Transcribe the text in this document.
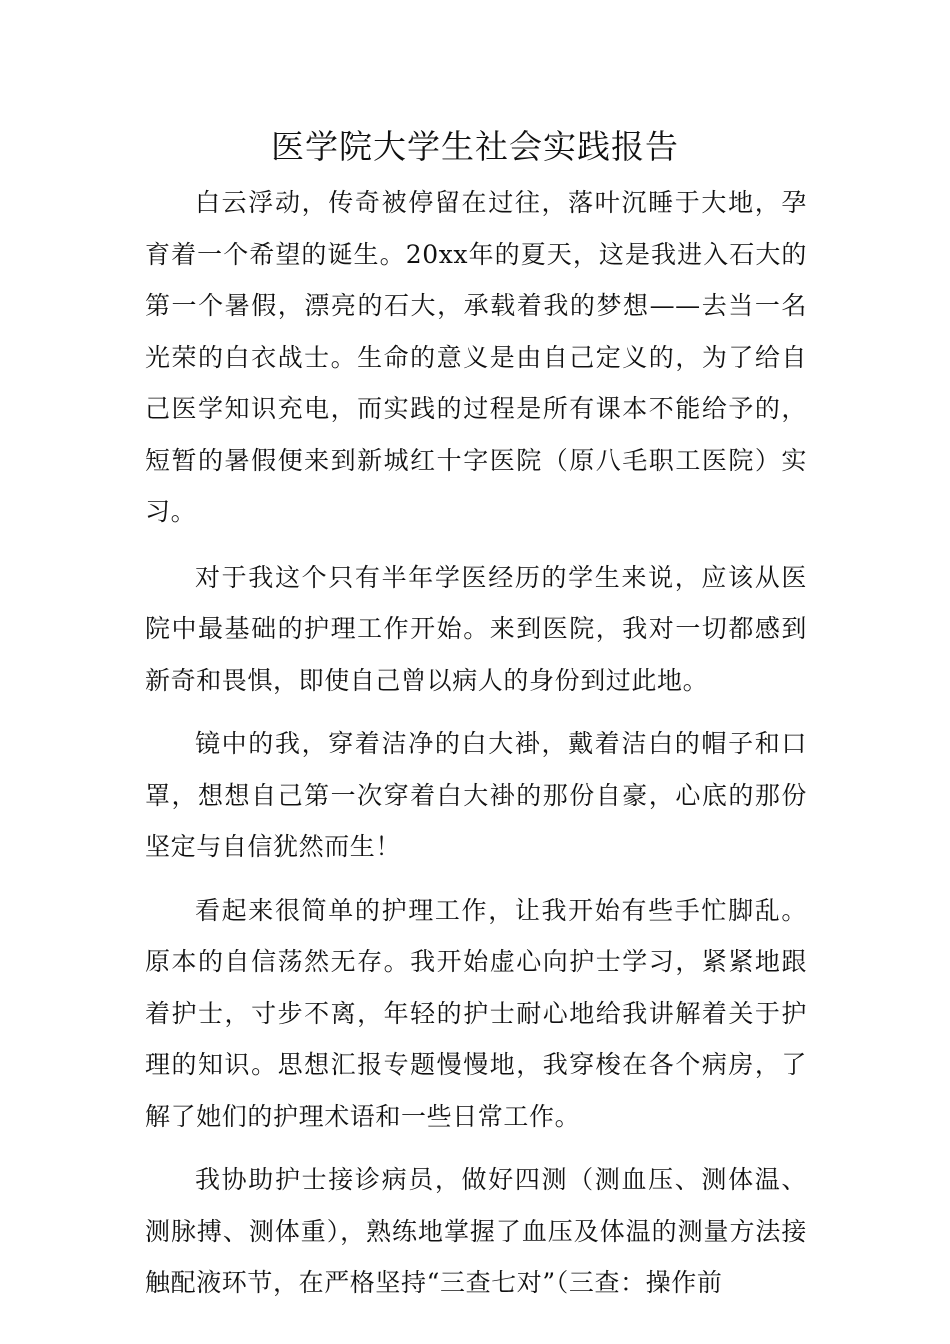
医学院大学生社会实践报告

白云浮动，传奇被停留在过往，落叶沉睡于大地，孕育着一个希望的诞生。20xx年的夏天，这是我进入石大的第一个暑假，漂亮的石大，承载着我的梦想——去当一名光荣的白衣战士。生命的意义是由自己定义的，为了给自己医学知识充电，而实践的过程是所有课本不能给予的，短暂的暑假便来到新城红十字医院（原八毛职工医院）实习。

对于我这个只有半年学医经历的学生来说，应该从医院中最基础的护理工作开始。来到医院，我对一切都感到新奇和畏惧，即使自己曾以病人的身份到过此地。

镜中的我，穿着洁净的白大褂，戴着洁白的帽子和口罩，想想自己第一次穿着白大褂的那份自豪，心底的那份坚定与自信犹然而生！

看起来很简单的护理工作，让我开始有些手忙脚乱。原本的自信荡然无存。我开始虚心向护士学习，紧紧地跟着护士，寸步不离，年轻的护士耐心地给我讲解着关于护理的知识。思想汇报专题慢慢地，我穿梭在各个病房，了解了她们的护理术语和一些日常工作。

我协助护士接诊病员，做好四测（测血压、测体温、测脉搏、测体重），熟练地掌握了血压及体温的测量方法接触配液环节，在严格坚持“三查七对”（三查：操作前
